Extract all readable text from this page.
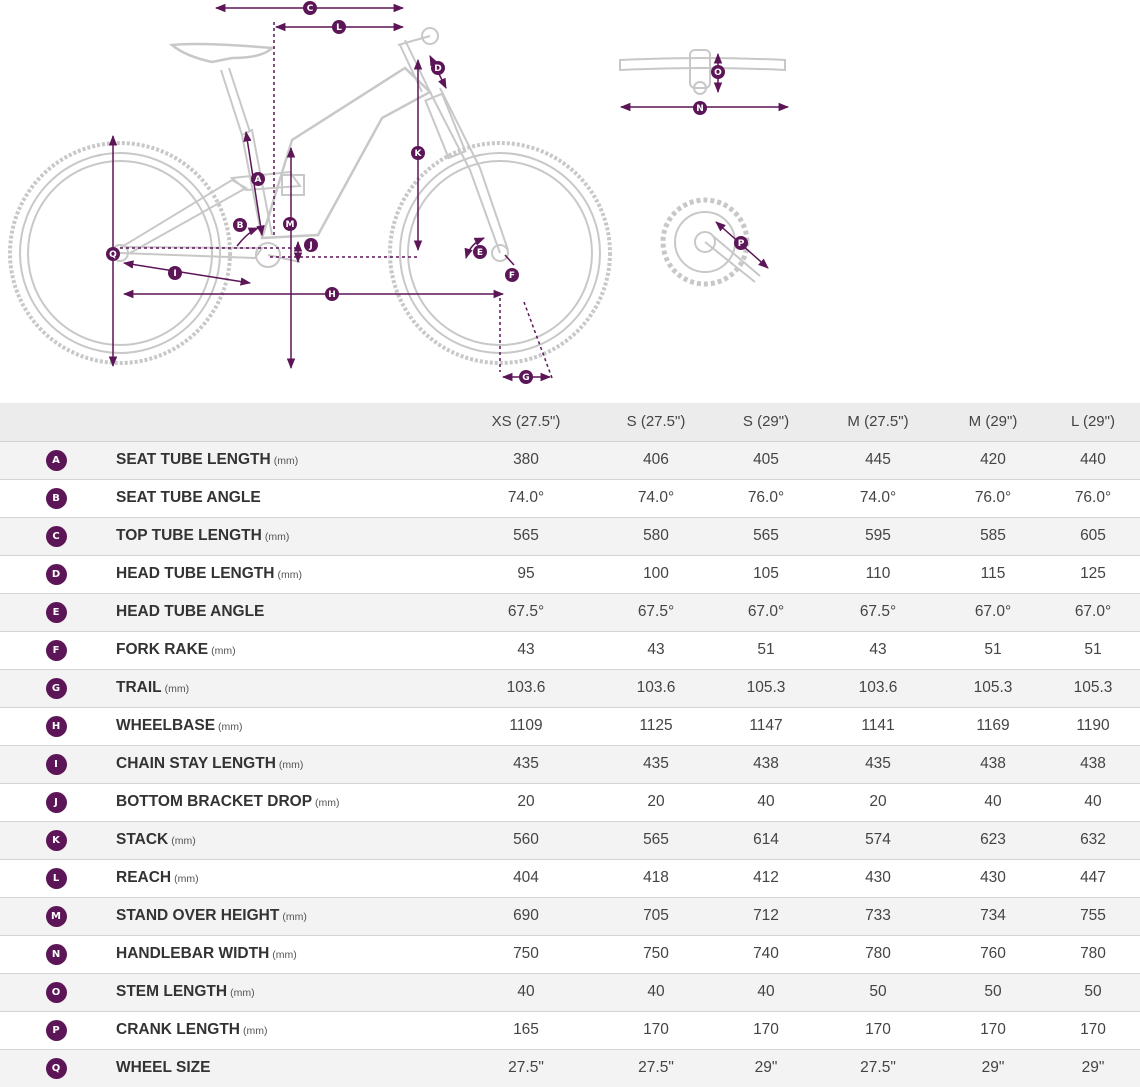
C
L
D	O
N
K
A
M
B
J
Q	E
F
I
H
P
G
		XS (27.5")	S (27.5")	S (29")	M (27.5")	M (29")	L (29")
A	SEAT TUBE LENGTH (mm)	380	406	405	445	420	440
B	SEAT TUBE ANGLE	74.0°	74.0°	76.0°	74.0°	76.0°	76.0°
C	TOP TUBE LENGTH (mm)	565	580	565	595	585	605
D	HEAD TUBE LENGTH (mm)	95	100	105	110	115	125
E	HEAD TUBE ANGLE	67.5°	67.5°	67.0°	67.5°	67.0°	67.0°
F	FORK RAKE (mm)	43	43	51	43	51	51
G	TRAIL (mm)	103.6	103.6	105.3	103.6	105.3	105.3
H	WHEELBASE (mm)	1109	1125	1147	1141	1169	1190
I	CHAIN STAY LENGTH (mm)	435	435	438	435	438	438
J	BOTTOM BRACKET DROP (mm)	20	20	40	20	40	40
K	STACK (mm)	560	565	614	574	623	632
L	REACH (mm)	404	418	412	430	430	447
M	STAND OVER HEIGHT (mm)	690	705	712	733	734	755
N	HANDLEBAR WIDTH (mm)	750	750	740	780	760	780
O	STEM LENGTH (mm)	40	40	40	50	50	50
P	CRANK LENGTH (mm)	165	170	170	170	170	170
Q	WHEEL SIZE	27.5"	27.5"	29"	27.5"	29"	29"
